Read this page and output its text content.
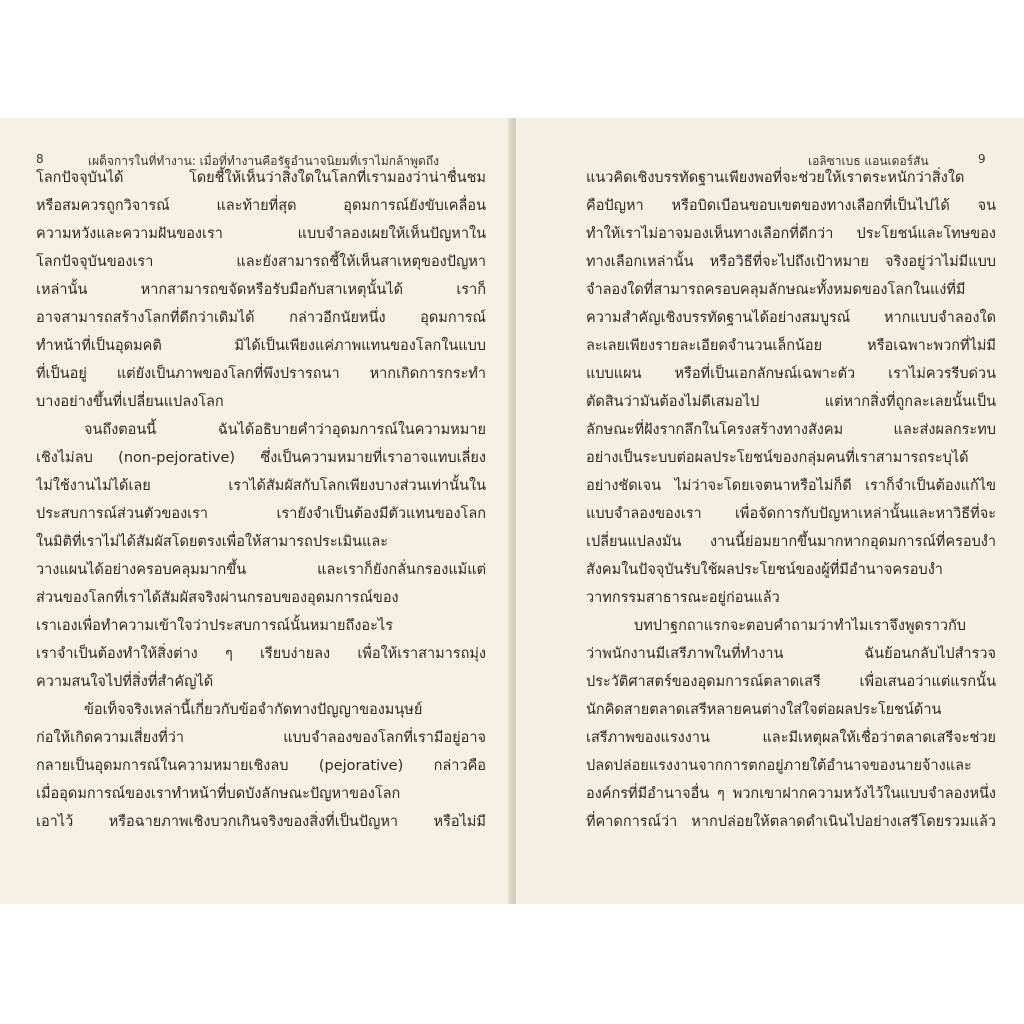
8	เผด็จการในที่ทำงาน: เมื่อที่ทำงานคือรัฐอำนาจนิยมที่เราไม่กล้าพูดถึง
โลกปัจจุบันได้ โดยชี้ให้เห็นว่าสิ่งใดในโลกที่เรามองว่าน่าชื่นชม
หรือสมควรถูกวิจารณ์ และท้ายที่สุด อุดมการณ์ยังขับเคลื่อน
ความหวังและความฝันของเรา แบบจำลองเผยให้เห็นปัญหาใน
โลกปัจจุบันของเรา และยังสามารถชี้ให้เห็นสาเหตุของปัญหา
เหล่านั้น หากสามารถขจัดหรือรับมือกับสาเหตุนั้นได้ เราก็
อาจสามารถสร้างโลกที่ดีกว่าเดิมได้ กล่าวอีกนัยหนึ่ง อุดมการณ์
ทำหน้าที่เป็นอุดมคติ มิได้เป็นเพียงแค่ภาพแทนของโลกในแบบ
ที่เป็นอยู่ แต่ยังเป็นภาพของโลกที่พึงปรารถนา หากเกิดการกระทำ
บางอย่างขึ้นที่เปลี่ยนแปลงโลก
จนถึงตอนนี้ ฉันได้อธิบายคำว่าอุดมการณ์ในความหมาย
เชิงไม่ลบ (non-pejorative) ซึ่งเป็นความหมายที่เราอาจแทบเลี่ยง
ไม่ใช้งานไม่ได้เลย เราได้สัมผัสกับโลกเพียงบางส่วนเท่านั้นใน
ประสบการณ์ส่วนตัวของเรา เรายังจำเป็นต้องมีตัวแทนของโลก
ในมิติที่เราไม่ได้สัมผัสโดยตรงเพื่อให้สามารถประเมินและ
วางแผนได้อย่างครอบคลุมมากขึ้น และเราก็ยังกลั่นกรองแม้แต่
ส่วนของโลกที่เราได้สัมผัสจริงผ่านกรอบของอุดมการณ์ของ
เราเองเพื่อทำความเข้าใจว่าประสบการณ์นั้นหมายถึงอะไร
เราจำเป็นต้องทำให้สิ่งต่าง ๆ เรียบง่ายลง เพื่อให้เราสามารถมุ่ง
ความสนใจไปที่สิ่งที่สำคัญได้
ข้อเท็จจริงเหล่านี้เกี่ยวกับข้อจำกัดทางปัญญาของมนุษย์
ก่อให้เกิดความเสี่ยงที่ว่า แบบจำลองของโลกที่เรามีอยู่อาจ
กลายเป็นอุดมการณ์ในความหมายเชิงลบ (pejorative) กล่าวคือ
เมื่ออุดมการณ์ของเราทำหน้าที่บดบังลักษณะปัญหาของโลก
เอาไว้ หรือฉายภาพเชิงบวกเกินจริงของสิ่งที่เป็นปัญหา หรือไม่มี
เอลิซาเบธ แอนเดอร์สัน	9
แนวคิดเชิงบรรทัดฐานเพียงพอที่จะช่วยให้เราตระหนักว่าสิ่งใด
คือปัญหา หรือบิดเบือนขอบเขตของทางเลือกที่เป็นไปได้ จน
ทำให้เราไม่อาจมองเห็นทางเลือกที่ดีกว่า ประโยชน์และโทษของ
ทางเลือกเหล่านั้น หรือวิธีที่จะไปถึงเป้าหมาย จริงอยู่ว่าไม่มีแบบ
จำลองใดที่สามารถครอบคลุมลักษณะทั้งหมดของโลกในแง่ที่มี
ความสำคัญเชิงบรรทัดฐานได้อย่างสมบูรณ์ หากแบบจำลองใด
ละเลยเพียงรายละเอียดจำนวนเล็กน้อย หรือเฉพาะพวกที่ไม่มี
แบบแผน หรือที่เป็นเอกลักษณ์เฉพาะตัว เราไม่ควรรีบด่วน
ตัดสินว่ามันต้องไม่ดีเสมอไป แต่หากสิ่งที่ถูกละเลยนั้นเป็น
ลักษณะที่ฝังรากลึกในโครงสร้างทางสังคม และส่งผลกระทบ
อย่างเป็นระบบต่อผลประโยชน์ของกลุ่มคนที่เราสามารถระบุได้
อย่างชัดเจน ไม่ว่าจะโดยเจตนาหรือไม่ก็ดี เราก็จำเป็นต้องแก้ไข
แบบจำลองของเรา เพื่อจัดการกับปัญหาเหล่านั้นและหาวิธีที่จะ
เปลี่ยนแปลงมัน งานนี้ย่อมยากขึ้นมากหากอุดมการณ์ที่ครอบงำ
สังคมในปัจจุบันรับใช้ผลประโยชน์ของผู้ที่มีอำนาจครอบงำ
วาทกรรมสาธารณะอยู่ก่อนแล้ว
บทปาฐกถาแรกจะตอบคำถามว่าทำไมเราจึงพูดราวกับ
ว่าพนักงานมีเสรีภาพในที่ทำงาน ฉันย้อนกลับไปสำรวจ
ประวัติศาสตร์ของอุดมการณ์ตลาดเสรี เพื่อเสนอว่าแต่แรกนั้น
นักคิดสายตลาดเสรีหลายคนต่างใส่ใจต่อผลประโยชน์ด้าน
เสรีภาพของแรงงาน และมีเหตุผลให้เชื่อว่าตลาดเสรีจะช่วย
ปลดปล่อยแรงงานจากการตกอยู่ภายใต้อำนาจของนายจ้างและ
องค์กรที่มีอำนาจอื่น ๆ พวกเขาฝากความหวังไว้ในแบบจำลองหนึ่ง
ที่คาดการณ์ว่า หากปล่อยให้ตลาดดำเนินไปอย่างเสรีโดยรวมแล้ว
